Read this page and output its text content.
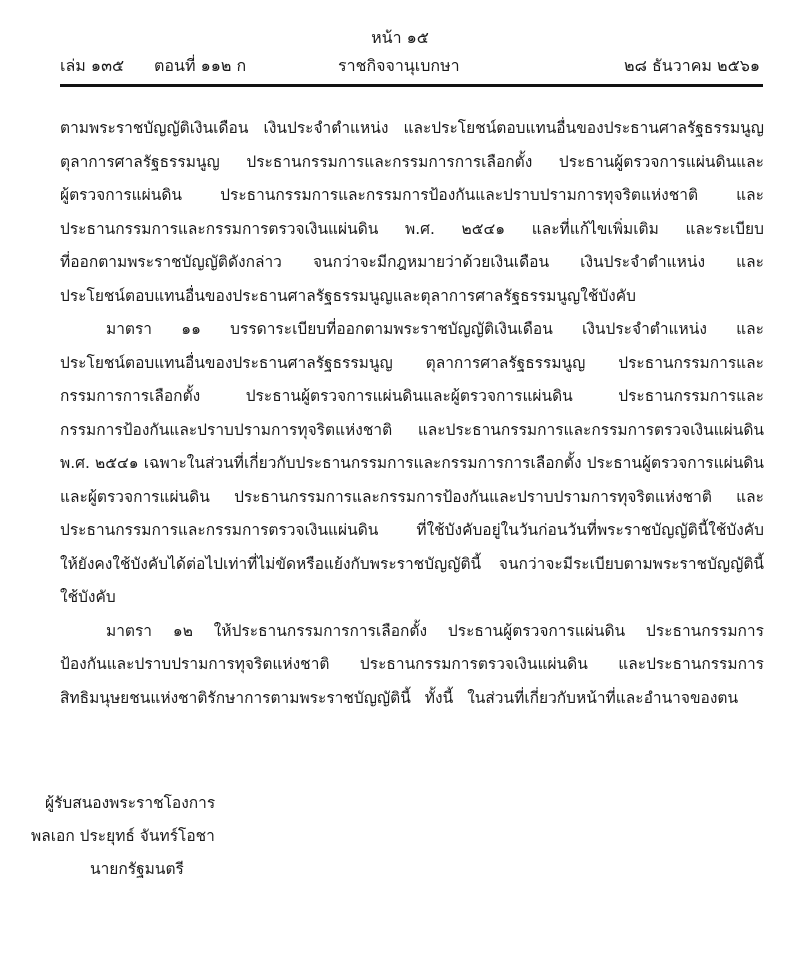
หน้า ๑๕
เล่ม ๑๓๕ ตอนที่ ๑๑๒ ก	ราชกิจจานุเบกษา	๒๘ ธันวาคม ๒๕๖๑
ตามพระราชบัญญัติเงินเดือน เงินประจำตำแหน่ง และประโยชน์ตอบแทนอื่นของประธานศาลรัฐธรรมนูญ
ตุลาการศาลรัฐธรรมนูญ ประธานกรรมการและกรรมการการเลือกตั้ง ประธานผู้ตรวจการแผ่นดินและ
ผู้ตรวจการแผ่นดิน ประธานกรรมการและกรรมการป้องกันและปราบปรามการทุจริตแห่งชาติ และ
ประธานกรรมการและกรรมการตรวจเงินแผ่นดิน พ.ศ. ๒๕๔๑ และที่แก้ไขเพิ่มเติม และระเบียบ
ที่ออกตามพระราชบัญญัติดังกล่าว จนกว่าจะมีกฎหมายว่าด้วยเงินเดือน เงินประจำตำแหน่ง และ
ประโยชน์ตอบแทนอื่นของประธานศาลรัฐธรรมนูญและตุลาการศาลรัฐธรรมนูญใช้บังคับ
มาตรา ๑๑ บรรดาระเบียบที่ออกตามพระราชบัญญัติเงินเดือน เงินประจำตำแหน่ง และ
ประโยชน์ตอบแทนอื่นของประธานศาลรัฐธรรมนูญ ตุลาการศาลรัฐธรรมนูญ ประธานกรรมการและ
กรรมการการเลือกตั้ง	ประธานผู้ตรวจการแผ่นดินและผู้ตรวจการแผ่นดิน	ประธานกรรมการและ
กรรมการป้องกันและปราบปรามการทุจริตแห่งชาติ และประธานกรรมการและกรรมการตรวจเงินแผ่นดิน
พ.ศ. ๒๕๔๑ เฉพาะในส่วนที่เกี่ยวกับประธานกรรมการและกรรมการการเลือกตั้ง ประธานผู้ตรวจการแผ่นดิน
และผู้ตรวจการแผ่นดิน ประธานกรรมการและกรรมการป้องกันและปราบปรามการทุจริตแห่งชาติ และ
ประธานกรรมการและกรรมการตรวจเงินแผ่นดิน ที่ใช้บังคับอยู่ในวันก่อนวันที่พระราชบัญญัตินี้ใช้บังคับ
ให้ยังคงใช้บังคับได้ต่อไปเท่าที่ไม่ขัดหรือแย้งกับพระราชบัญญัตินี้ จนกว่าจะมีระเบียบตามพระราชบัญญัตินี้
ใช้บังคับ
มาตรา ๑๒ ให้ประธานกรรมการการเลือกตั้ง ประธานผู้ตรวจการแผ่นดิน ประธานกรรมการ
ป้องกันและปราบปรามการทุจริตแห่งชาติ ประธานกรรมการตรวจเงินแผ่นดิน และประธานกรรมการ
สิทธิมนุษยชนแห่งชาติรักษาการตามพระราชบัญญัตินี้ ทั้งนี้ ในส่วนที่เกี่ยวกับหน้าที่และอำนาจของตน
ผู้รับสนองพระราชโองการ
พลเอก ประยุทธ์ จันทร์โอชา
นายกรัฐมนตรี
